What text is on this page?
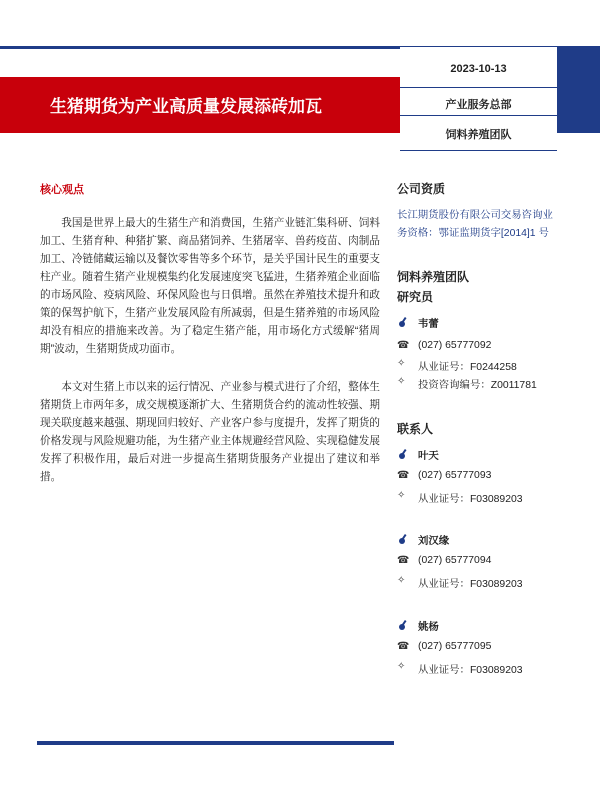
生猪期货为产业高质量发展添砖加瓦
2023-10-13
产业服务总部
饲料养殖团队
核心观点
我国是世界上最大的生猪生产和消费国，生猪产业链汇集科研、饲料加工、生猪育种、种猪扩繁、商品猪饲养、生猪屠宰、兽药疫苗、肉制品加工、冷链储藏运输以及餐饮零售等多个环节，是关乎国计民生的重要支柱产业。随着生猪产业规模集约化发展速度突飞猛进，生猪养殖企业面临的市场风险、疫病风险、环保风险也与日俱增。虽然在养殖技术提升和政策的保驾护航下，生猪产业发展风险有所减弱，但是生猪养殖的市场风险却没有相应的措施来改善。为了稳定生猪产能，用市场化方式缓解“猪周期”波动，生猪期货成功面市。
本文对生猪上市以来的运行情况、产业参与模式进行了介绍，整体生猪期货上市两年多，成交规模逐渐扩大、生猪期货合约的流动性较强、期现关联度越来越强、期现回归较好、产业客户参与度提升，发挥了期货的价格发现与风险规避功能，为生猪产业主体规避经营风险、实现稳健发展发挥了积极作用，最后对进一步提高生猪期货服务产业提出了建议和举措。
公司资质
长江期货股份有限公司交易咨询业
务资格：鄂证监期货字[2014]1 号
饲料养殖团队
研究员
韦蕾
☎ (027) 65777092
✧	从业证号：F0244258
✧	投资咨询编号：Z0011781
联系人
叶天
☎ (027) 65777093
✧	从业证号：F03089203
刘汉缘
☎ (027) 65777094
✧	从业证号：F03089203
姚杨
☎ (027) 65777095
✧	从业证号：F03089203
